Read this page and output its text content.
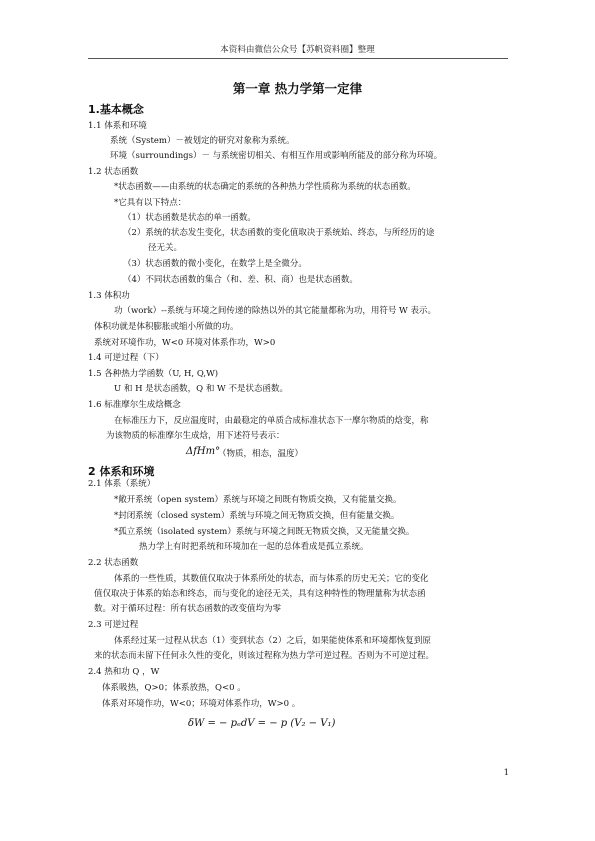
本资料由微信公众号【苏帆资料圈】整理
第一章 热力学第一定律
1.基本概念
1.1 体系和环境
系统（System）－被划定的研究对象称为系统。
环境（surroundings）－ 与系统密切相关、有相互作用或影响所能及的部分称为环境。
1.2 状态函数
*状态函数——由系统的状态确定的系统的各种热力学性质称为系统的状态函数。
*它具有以下特点：
（1）状态函数是状态的单一函数。
（2）系统的状态发生变化，状态函数的变化值取决于系统始、终态，与所经历的途
径无关。
（3）状态函数的微小变化，在数学上是全微分。
（4）不同状态函数的集合（和、差、积、商）也是状态函数。
1.3 体积功
功（work）--系统与环境之间传递的除热以外的其它能量都称为功，用符号 W 表示。
体积功就是体积膨胀或缩小所做的功。
系统对环境作功，W<0 环境对体系作功，W>0
1.4 可逆过程（下）
1.5 各种热力学函数（U, H, Q,W)
U 和 H 是状态函数，Q 和 W 不是状态函数。
1.6 标准摩尔生成焓概念
在标准压力下，反应温度时，由最稳定的单质合成标准状态下一摩尔物质的焓变，称
为该物质的标准摩尔生成焓，用下述符号表示：
ΔfHm°
（物质，相态，温度）
2 体系和环境
2.1 体系（系统）
*敞开系统（open system）系统与环境之间既有物质交换，又有能量交换。
*封闭系统（closed system）系统与环境之间无物质交换，但有能量交换。
*孤立系统（isolated system）系统与环境之间既无物质交换，又无能量交换。
热力学上有时把系统和环境加在一起的总体看成是孤立系统。
2.2 状态函数
体系的一些性质，其数值仅取决于体系所处的状态，而与体系的历史无关；它的变化
值仅取决于体系的始态和终态，而与变化的途径无关，具有这种特性的物理量称为状态函
数。对于循环过程：所有状态函数的改变值均为零
2.3 可逆过程
体系经过某一过程从状态（1）变到状态（2）之后，如果能使体系和环境都恢复到原
来的状态而未留下任何永久性的变化，则该过程称为热力学可逆过程。否则为不可逆过程。
2.4 热和功 Q ，W
体系吸热，Q>0；体系放热，Q<0 。
体系对环境作功，W<0；环境对体系作功，W>0 。
δW = − pₑdV = − p (V₂ − V₁)
1
